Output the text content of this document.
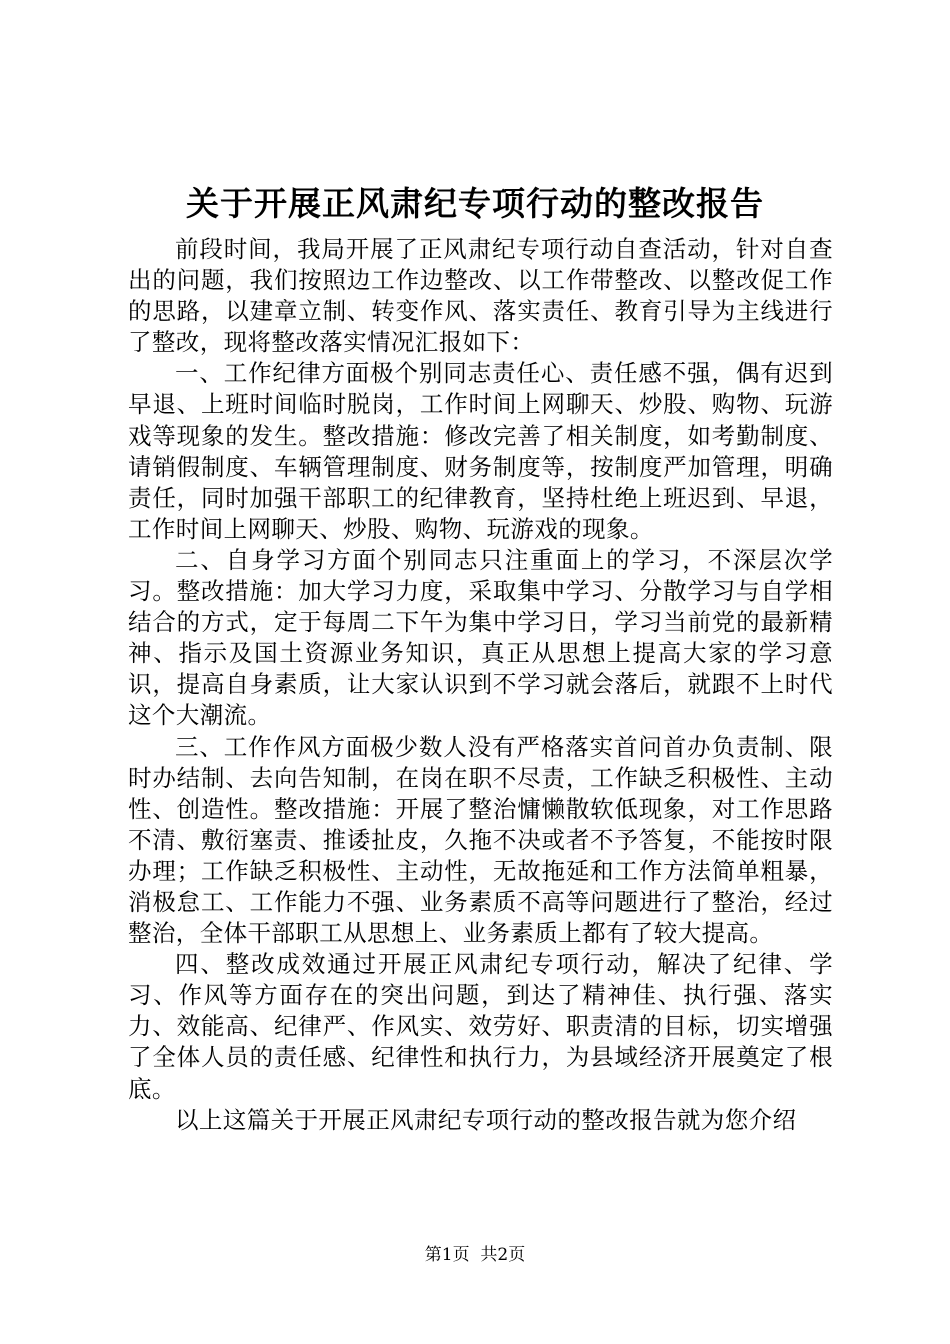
关于开展正风肃纪专项行动的整改报告

前段时间，我局开展了正风肃纪专项行动自查活动，针对自查出的问题，我们按照边工作边整改、以工作带整改、以整改促工作的思路，以建章立制、转变作风、落实责任、教育引导为主线进行了整改，现将整改落实情况汇报如下：

一、工作纪律方面极个别同志责任心、责任感不强，偶有迟到早退、上班时间临时脱岗，工作时间上网聊天、炒股、购物、玩游戏等现象的发生。整改措施：修改完善了相关制度，如考勤制度、请销假制度、车辆管理制度、财务制度等，按制度严加管理，明确责任，同时加强干部职工的纪律教育，坚持杜绝上班迟到、早退，工作时间上网聊天、炒股、购物、玩游戏的现象。

二、自身学习方面个别同志只注重面上的学习，不深层次学习。整改措施：加大学习力度，采取集中学习、分散学习与自学相结合的方式，定于每周二下午为集中学习日，学习当前党的最新精神、指示及国土资源业务知识，真正从思想上提高大家的学习意识，提高自身素质，让大家认识到不学习就会落后，就跟不上时代这个大潮流。

三、工作作风方面极少数人没有严格落实首问首办负责制、限时办结制、去向告知制，在岗在职不尽责，工作缺乏积极性、主动性、创造性。整改措施：开展了整治慵懒散软低现象，对工作思路不清、敷衍塞责、推诿扯皮，久拖不决或者不予答复，不能按时限办理；工作缺乏积极性、主动性，无故拖延和工作方法简单粗暴，消极怠工、工作能力不强、业务素质不高等问题进行了整治，经过整治，全体干部职工从思想上、业务素质上都有了较大提高。

四、整改成效通过开展正风肃纪专项行动，解决了纪律、学习、作风等方面存在的突出问题，到达了精神佳、执行强、落实力、效能高、纪律严、作风实、效劳好、职责清的目标，切实增强了全体人员的责任感、纪律性和执行力，为县域经济开展奠定了根底。

以上这篇关于开展正风肃纪专项行动的整改报告就为您介绍

第1页  共2页
